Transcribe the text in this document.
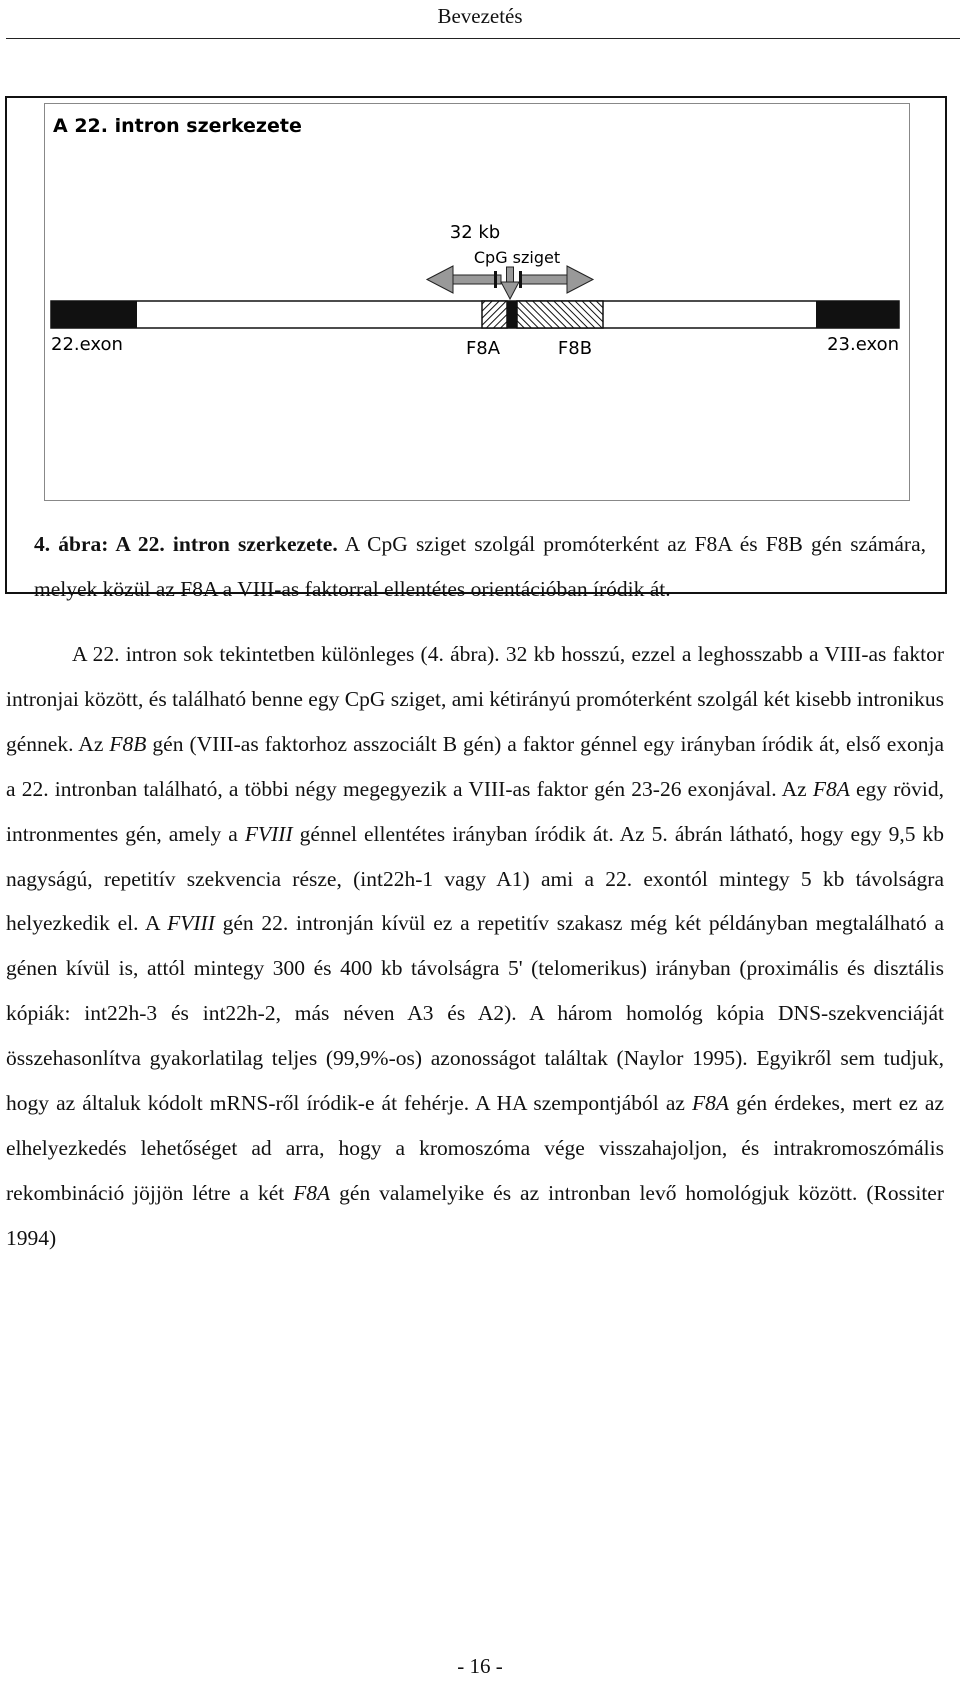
Bevezetés
A 22. intron szerkezete
32 kb
CpG sziget
22.exon	23.exon
F8A	F8B
4. ábra: A 22. intron szerkezete. A CpG sziget szolgál promóterként az F8A és F8B gén számára, melyek közül az F8A a VIII-as faktorral ellentétes orientációban íródik át.

A 22. intron sok tekintetben különleges (4. ábra). 32 kb hosszú, ezzel a leghosszabb a VIII-as faktor intronjai között, és található benne egy CpG sziget, ami kétirányú promóterként szolgál két kisebb intronikus génnek. Az F8B gén (VIII-as faktorhoz asszociált B gén) a faktor génnel egy irányban íródik át, első exonja a 22. intronban található, a többi négy megegyezik a VIII-as faktor gén 23-26 exonjával. Az F8A egy rövid, intronmentes gén, amely a FVIII génnel ellentétes irányban íródik át. Az 5. ábrán látható, hogy egy 9,5 kb nagyságú, repetitív szekvencia része, (int22h-1 vagy A1) ami a 22. exontól mintegy 5 kb távolságra helyezkedik el. A FVIII gén 22. intronján kívül ez a repetitív szakasz még két példányban megtalálható a génen kívül is, attól mintegy 300 és 400 kb távolságra 5' (telomerikus) irányban (proximális és disztális kópiák: int22h-3 és int22h-2, más néven A3 és A2). A három homológ kópia DNS-szekvenciáját összehasonlítva gyakorlatilag teljes (99,9%-os) azonosságot találtak (Naylor 1995). Egyikről sem tudjuk, hogy az általuk kódolt mRNS-ről íródik-e át fehérje. A HA szempontjából az F8A gén érdekes, mert ez az elhelyezkedés lehetőséget ad arra, hogy a kromoszóma vége visszahajoljon, és intrakromoszómális rekombináció jöjjön létre a két F8A gén valamelyike és az intronban levő homológjuk között. (Rossiter 1994)

- 16 -
